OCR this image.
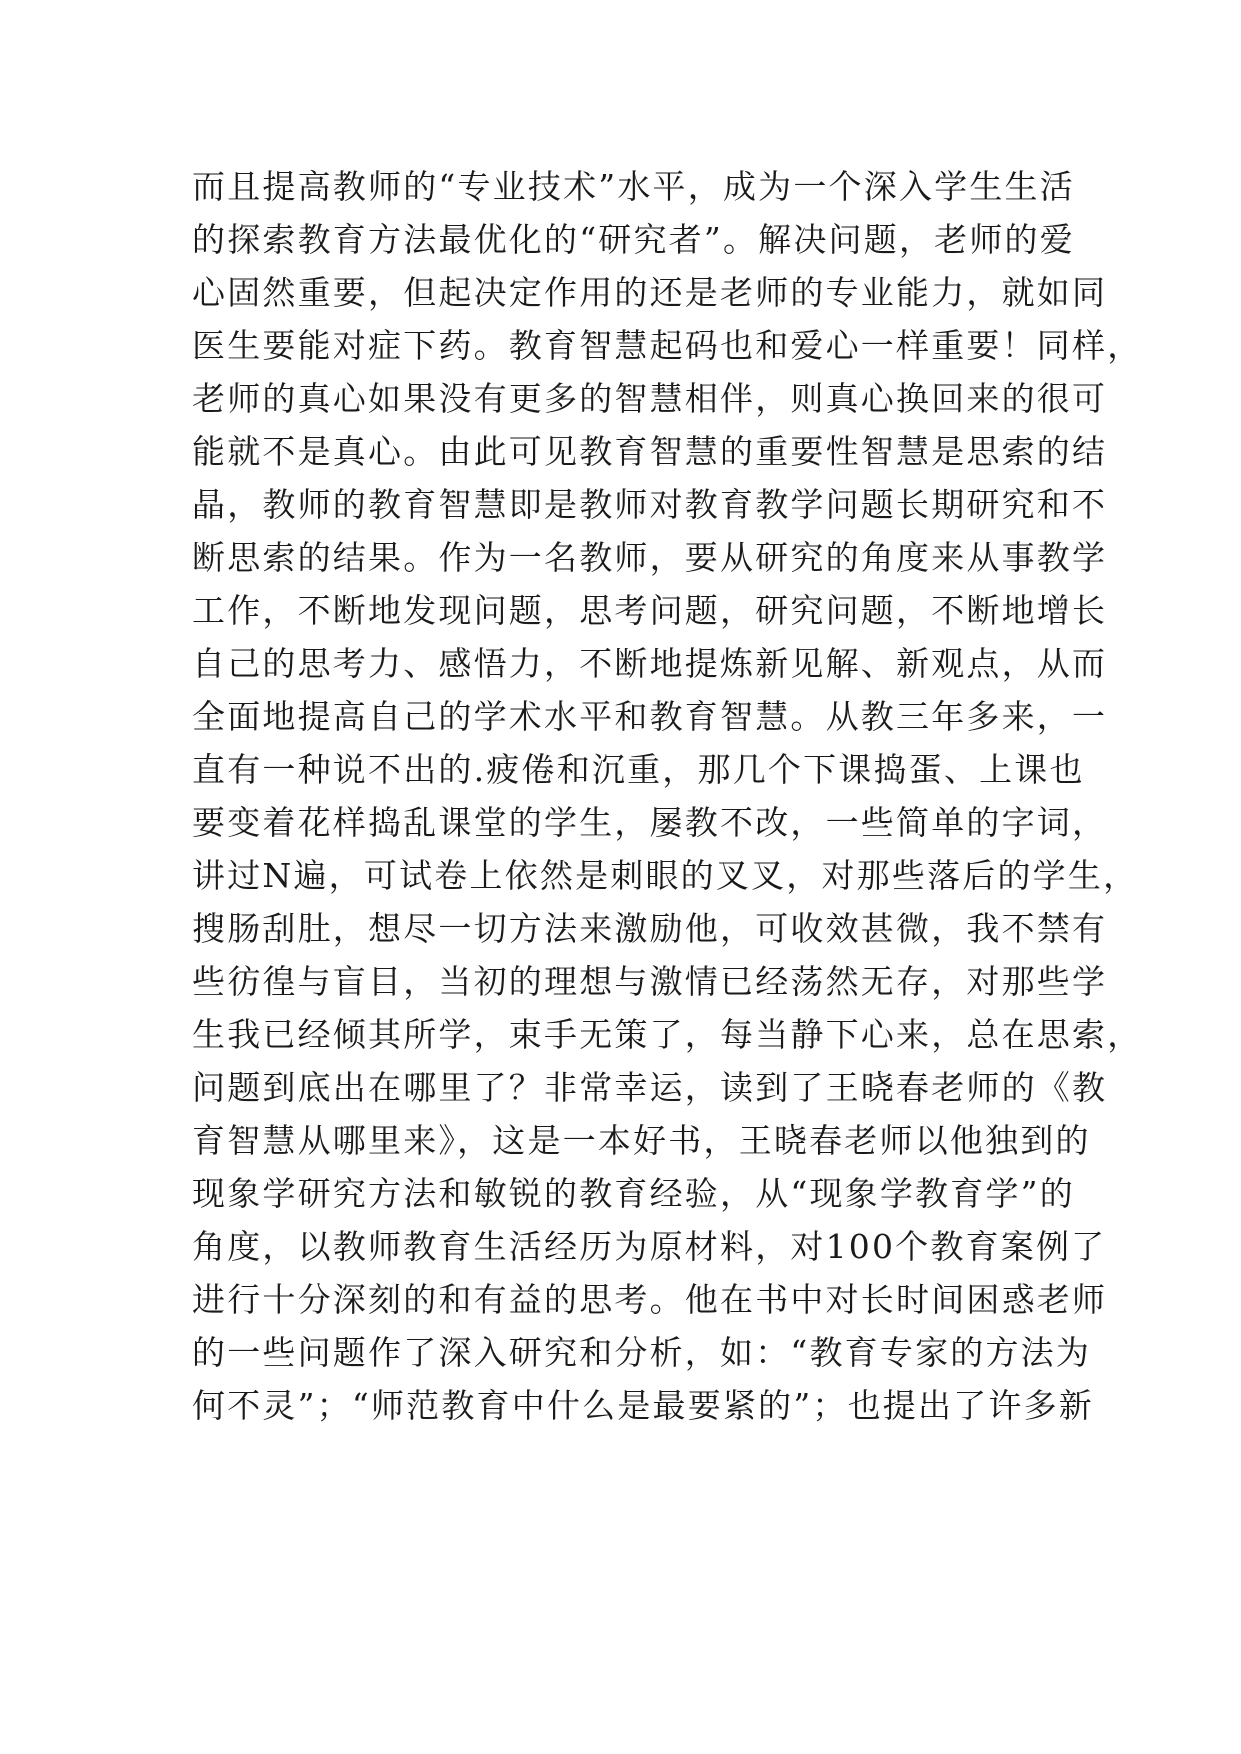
而且提高教师的“专业技术”水平，成为一个深入学生生活
的探索教育方法最优化的“研究者”。解决问题，老师的爱
心固然重要，但起决定作用的还是老师的专业能力，就如同
医生要能对症下药。教育智慧起码也和爱心一样重要！同样，
老师的真心如果没有更多的智慧相伴，则真心换回来的很可
能就不是真心。由此可见教育智慧的重要性智慧是思索的结
晶，教师的教育智慧即是教师对教育教学问题长期研究和不
断思索的结果。作为一名教师，要从研究的角度来从事教学
工作，不断地发现问题，思考问题，研究问题，不断地增长
自己的思考力、感悟力，不断地提炼新见解、新观点，从而
全面地提高自己的学术水平和教育智慧。从教三年多来，一
直有一种说不出的.疲倦和沉重，那几个下课捣蛋、上课也
要变着花样捣乱课堂的学生，屡教不改，一些简单的字词，
讲过N遍，可试卷上依然是刺眼的叉叉，对那些落后的学生，
搜肠刮肚，想尽一切方法来激励他，可收效甚微，我不禁有
些彷徨与盲目，当初的理想与激情已经荡然无存，对那些学
生我已经倾其所学，束手无策了，每当静下心来，总在思索，
问题到底出在哪里了？非常幸运，读到了王晓春老师的《教
育智慧从哪里来》，这是一本好书，王晓春老师以他独到的
现象学研究方法和敏锐的教育经验，从“现象学教育学”的
角度，以教师教育生活经历为原材料，对100个教育案例了
进行十分深刻的和有益的思考。他在书中对长时间困惑老师
的一些问题作了深入研究和分析，如：“教育专家的方法为
何不灵”；“师范教育中什么是最要紧的”；也提出了许多新
